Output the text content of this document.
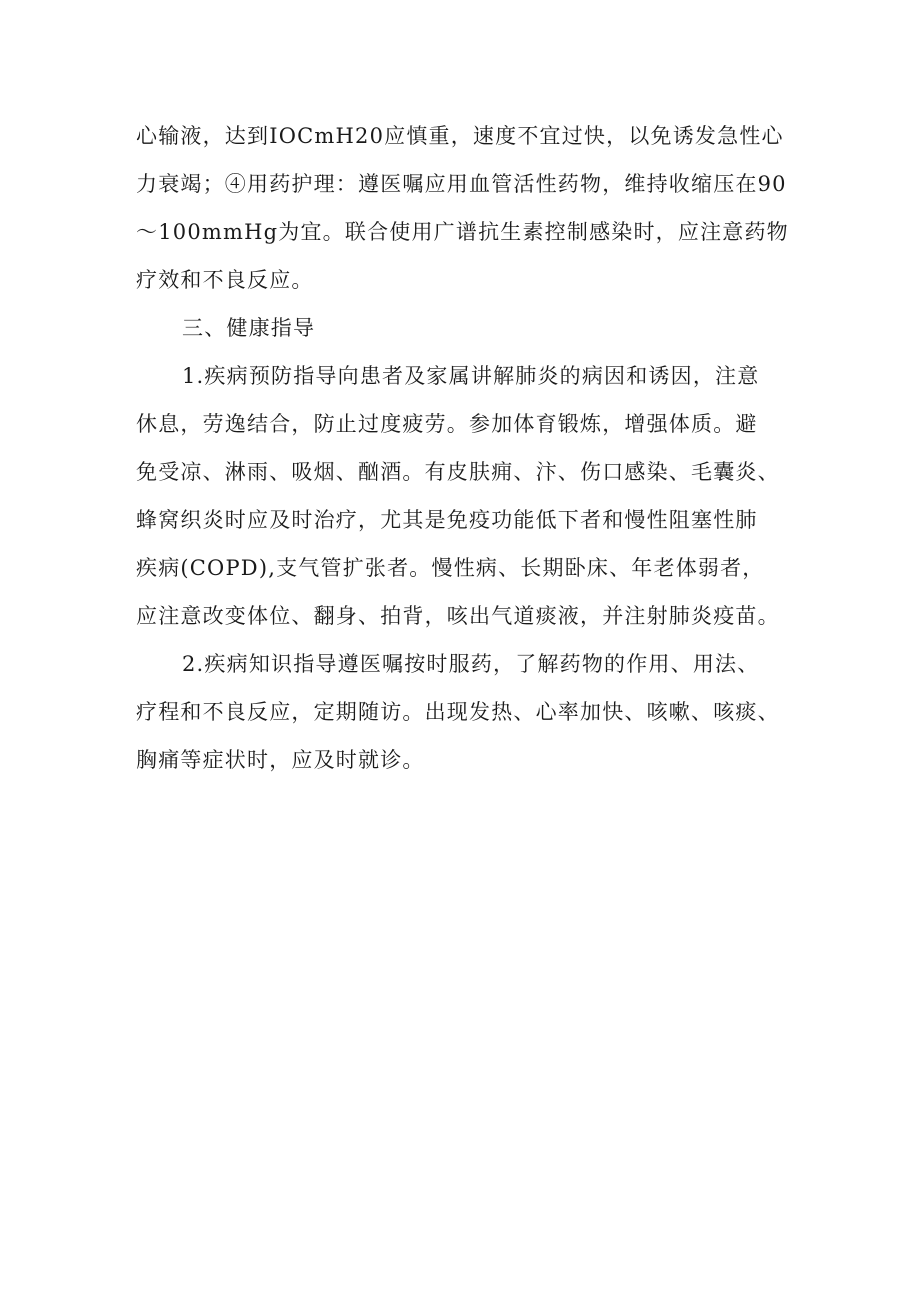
心输液，达到IOCmH20应慎重，速度不宜过快，以免诱发急性心
力衰竭；④用药护理：遵医嘱应用血管活性药物，维持收缩压在90
～100mmHg为宜。联合使用广谱抗生素控制感染时，应注意药物
疗效和不良反应。
三、健康指导
1.疾病预防指导向患者及家属讲解肺炎的病因和诱因，注意
休息，劳逸结合，防止过度疲劳。参加体育锻炼，增强体质。避
免受凉、淋雨、吸烟、酗酒。有皮肤痈、汴、伤口感染、毛囊炎、
蜂窝织炎时应及时治疗，尤其是免疫功能低下者和慢性阻塞性肺
疾病(COPD),支气管扩张者。慢性病、长期卧床、年老体弱者，
应注意改变体位、翻身、拍背，咳出气道痰液，并注射肺炎疫苗。
2.疾病知识指导遵医嘱按时服药，了解药物的作用、用法、
疗程和不良反应，定期随访。出现发热、心率加快、咳嗽、咳痰、
胸痛等症状时，应及时就诊。
